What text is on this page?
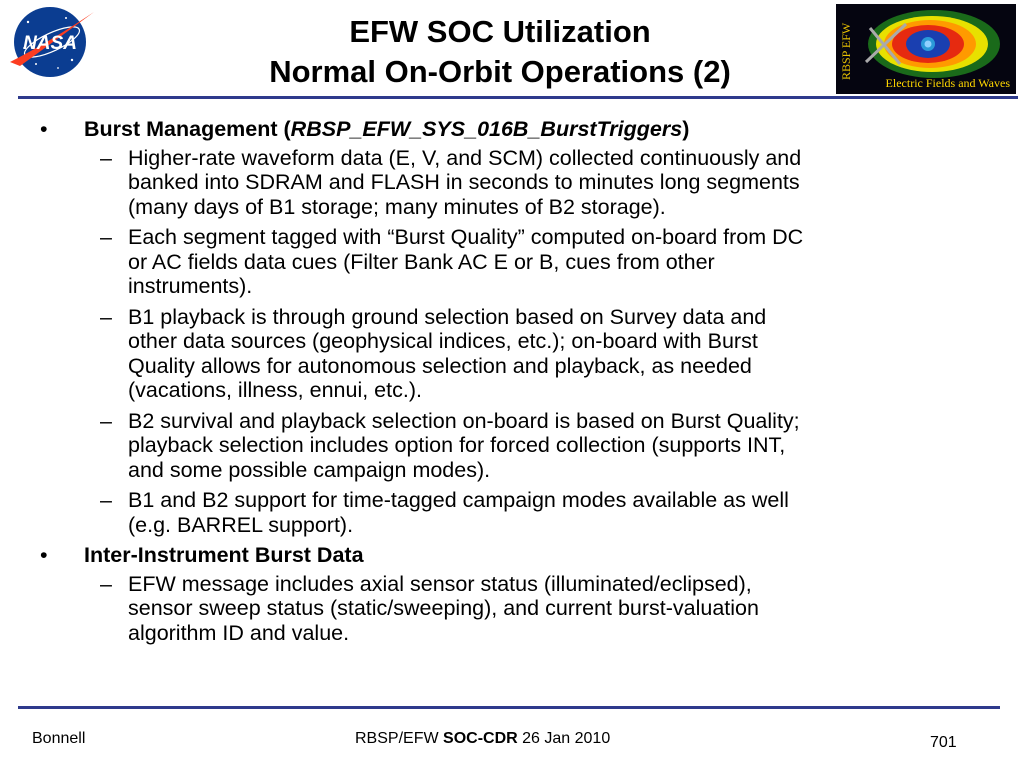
NASA	EFW SOC Utilization
Normal On-Orbit Operations (2)	RBSP EFW
Electric Fields and Waves
•	Burst Management (RBSP_EFW_SYS_016B_BurstTriggers)
– Higher-rate waveform data (E, V, and SCM) collected continuously and
banked into SDRAM and FLASH in seconds to minutes long segments
(many days of B1 storage; many minutes of B2 storage).
– Each segment tagged with “Burst Quality” computed on-board from DC
or AC fields data cues (Filter Bank AC E or B, cues from other
instruments).
– B1 playback is through ground selection based on Survey data and
other data sources (geophysical indices, etc.); on-board with Burst
Quality allows for autonomous selection and playback, as needed
(vacations, illness, ennui, etc.).
– B2 survival and playback selection on-board is based on Burst Quality;
playback selection includes option for forced collection (supports INT,
and some possible campaign modes).
– B1 and B2 support for time-tagged campaign modes available as well
(e.g. BARREL support).
•	Inter-Instrument Burst Data
– EFW message includes axial sensor status (illuminated/eclipsed),
sensor sweep status (static/sweeping), and current burst-valuation
algorithm ID and value.
Bonnell	RBSP/EFW SOC-CDR 26 Jan 2010	701
